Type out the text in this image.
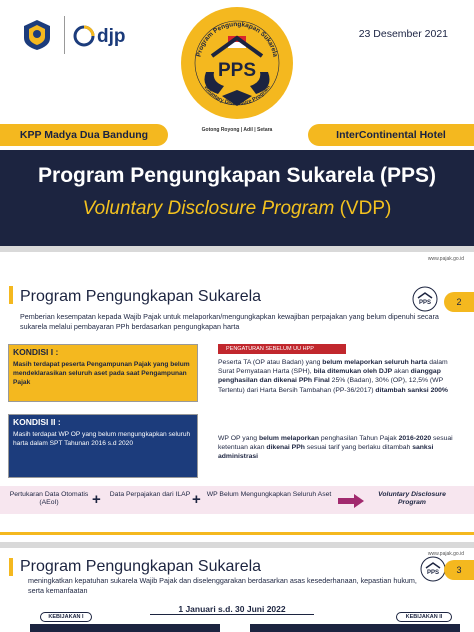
djp	23 Desember 2021
Program Pengungkapan Sukarela
PPS
Voluntary Disclosure Program
Gotong Royong | Adil | Setara
KPP Madya Dua Bandung	InterContinental Hotel
Program Pengungkapan Sukarela (PPS)
Voluntary Disclosure Program (VDP)
www.pajak.go.id
Program Pengungkapan Sukarela	PPS	2
Pemberian kesempatan kepada Wajib Pajak untuk melaporkan/mengungkapkan kewajiban perpajakan yang belum dipenuhi secara sukarela melalui pembayaran PPh berdasarkan pengungkapan harta
KONDISI I :
Masih terdapat peserta Pengampunan Pajak yang belum mendeklarasikan seluruh aset pada saat Pengampunan Pajak
KONDISI II :
Masih terdapat WP OP yang belum mengungkapkan seluruh harta dalam SPT Tahunan 2016 s.d 2020
PENGATURAN SEBELUM UU HPP
Peserta TA (OP atau Badan) yang belum melaporkan seluruh harta dalam Surat Pernyataan Harta (SPH), bila ditemukan oleh DJP akan dianggap penghasilan dan dikenai PPh Final 25% (Badan), 30% (OP), 12,5% (WP Tertentu) dari Harta Bersih Tambahan (PP-36/2017) ditambah sanksi 200%
WP OP yang belum melaporkan penghasilan Tahun Pajak 2016-2020 sesuai ketentuan akan dikenai PPh sesuai tarif yang berlaku ditambah sanksi administrasi
Pertukaran Data Otomatis (AEoI)	+ Data Perpajakan dari ILAP + WP Belum Mengungkapkan Seluruh Aset	Voluntary Disclosure Program
www.pajak.go.id
Program Pengungkapan Sukarela	PPS	3
meningkatkan kepatuhan sukarela Wajib Pajak dan diselenggarakan berdasarkan asas kesederhanaan, kepastian hukum, serta kemanfaatan
1 Januari s.d. 30 Juni 2022
KEBIJAKAN I	KEBIJAKAN II
